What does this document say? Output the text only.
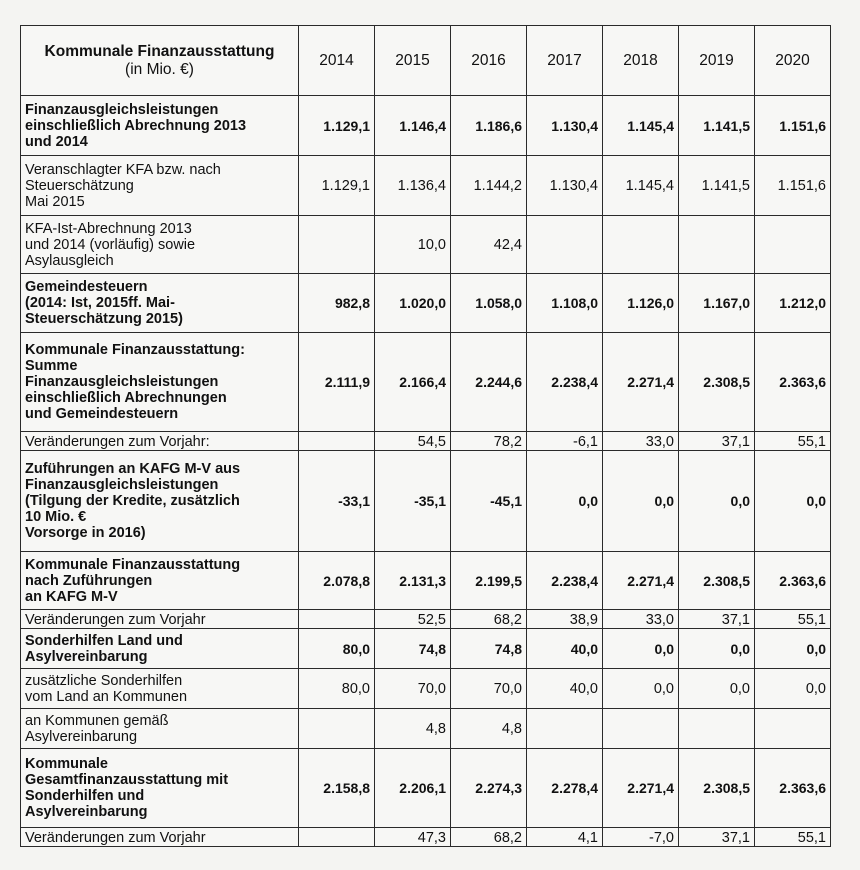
Kommunale Finanzausstattung
(in Mio. €)	2014	2015	2016	2017	2018	2019	2020
Finanzausgleichsleistungen
einschließlich Abrechnung 2013
und 2014	1.129,1	1.146,4	1.186,6	1.130,4	1.145,4	1.141,5	1.151,6
Veranschlagter KFA bzw. nach
Steuerschätzung
Mai 2015	1.129,1	1.136,4	1.144,2	1.130,4	1.145,4	1.141,5	1.151,6
KFA-Ist-Abrechnung 2013
und 2014 (vorläufig) sowie
Asylausgleich		10,0	42,4				
Gemeindesteuern
(2014: Ist, 2015ff. Mai-
Steuerschätzung 2015)	982,8	1.020,0	1.058,0	1.108,0	1.126,0	1.167,0	1.212,0
Kommunale Finanzausstattung:
Summe
Finanzausgleichsleistungen
einschließlich Abrechnungen
und Gemeindesteuern	2.111,9	2.166,4	2.244,6	2.238,4	2.271,4	2.308,5	2.363,6
Veränderungen zum Vorjahr:		54,5	78,2	-6,1	33,0	37,1	55,1
Zuführungen an KAFG M-V aus
Finanzausgleichsleistungen
(Tilgung der Kredite, zusätzlich
10 Mio. €
Vorsorge in 2016)	-33,1	-35,1	-45,1	0,0	0,0	0,0	0,0
Kommunale Finanzausstattung
nach Zuführungen
an KAFG M-V	2.078,8	2.131,3	2.199,5	2.238,4	2.271,4	2.308,5	2.363,6
Veränderungen zum Vorjahr		52,5	68,2	38,9	33,0	37,1	55,1
Sonderhilfen Land und
Asylvereinbarung	80,0	74,8	74,8	40,0	0,0	0,0	0,0
zusätzliche Sonderhilfen
vom Land an Kommunen	80,0	70,0	70,0	40,0	0,0	0,0	0,0
an Kommunen gemäß
Asylvereinbarung		4,8	4,8				
Kommunale
Gesamtfinanzausstattung mit
Sonderhilfen und
Asylvereinbarung	2.158,8	2.206,1	2.274,3	2.278,4	2.271,4	2.308,5	2.363,6
Veränderungen zum Vorjahr		47,3	68,2	4,1	-7,0	37,1	55,1
